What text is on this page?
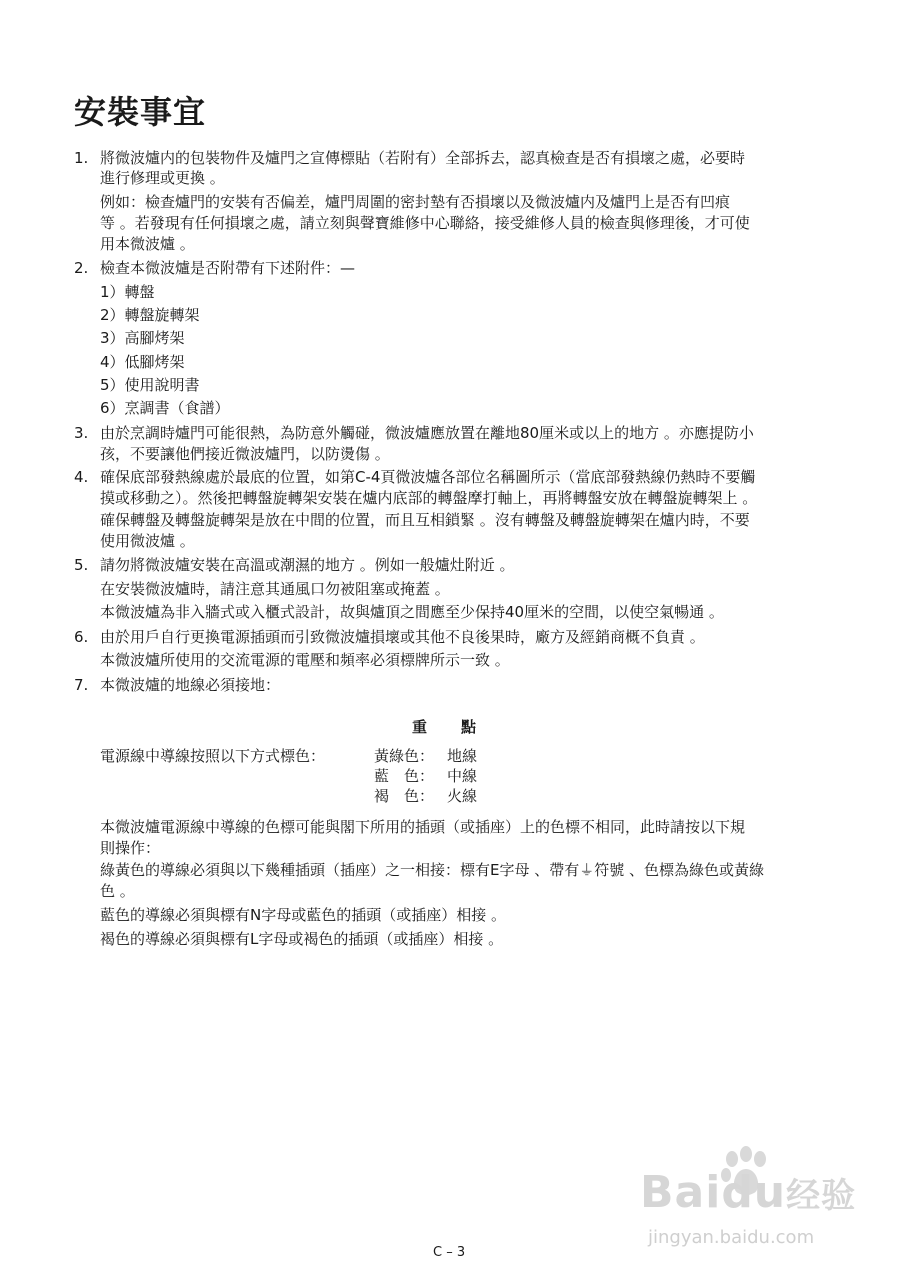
安裝事宜
1. 將微波爐内的包裝物件及爐門之宣傳標貼（若附有）全部拆去，認真檢查是否有損壞之處，必要時
進行修理或更換 。
例如：檢查爐門的安裝有否偏差，爐門周圍的密封墊有否損壞以及微波爐内及爐門上是否有凹痕
等 。若發現有任何損壞之處，請立刻與聲寶維修中心聯絡，接受維修人員的檢查與修理後，才可使
用本微波爐 。
2. 檢查本微波爐是否附帶有下述附件：—
1）轉盤
2）轉盤旋轉架
3）高腳烤架
4）低腳烤架
5）使用說明書
6）烹調書（食譜）
3. 由於烹調時爐門可能很熱，為防意外觸碰，微波爐應放置在離地80厘米或以上的地方 。亦應提防小
孩，不要讓他們接近微波爐門，以防燙傷 。
4. 確保底部發熱線處於最底的位置，如第C-4頁微波爐各部位名稱圖所示（當底部發熱線仍熱時不要觸
摸或移動之）。然後把轉盤旋轉架安裝在爐内底部的轉盤摩打軸上，再將轉盤安放在轉盤旋轉架上 。
確保轉盤及轉盤旋轉架是放在中間的位置，而且互相鎖緊 。沒有轉盤及轉盤旋轉架在爐内時，不要
使用微波爐 。
5. 請勿將微波爐安裝在高溫或潮濕的地方 。例如一般爐灶附近 。
在安裝微波爐時，請注意其通風口勿被阻塞或掩蓋 。
本微波爐為非入牆式或入櫃式設計，故與爐頂之間應至少保持40厘米的空間，以使空氣暢通 。
6. 由於用戶自行更換電源插頭而引致微波爐損壞或其他不良後果時，廠方及經銷商概不負責 。
本微波爐所使用的交流電源的電壓和頻率必須標牌所示一致 。
7. 本微波爐的地線必須接地：
重 點
電源線中導線按照以下方式標色：	黃綠色： 地線
藍　色： 中線
褐　色： 火線
本微波爐電源線中導線的色標可能與閣下所用的插頭（或插座）上的色標不相同，此時請按以下規
則操作：
綠黃色的導線必須與以下幾種插頭（插座）之一相接：標有E字母 、帶有⏚符號 、色標為綠色或黃綠
色 。
藍色的導線必須與標有N字母或藍色的插頭（或插座）相接 。
褐色的導線必須與標有L字母或褐色的插頭（或插座）相接 。
Baidu经验
jingyan.baidu.com
C – 3
